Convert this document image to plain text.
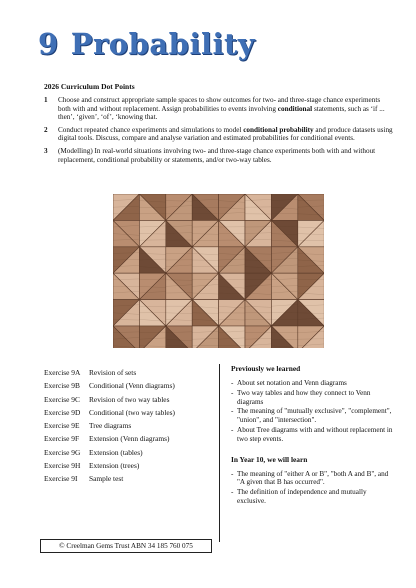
9 Probability
2026 Curriculum Dot Points
1	Choose and construct appropriate sample spaces to show outcomes for two- and three-stage chance experiments both with and without replacement. Assign probabilities to events involving conditional statements, such as ‘if ... then’, ‘given’, ‘of’, ‘knowing that.
2	Conduct repeated chance experiments and simulations to model conditional probability and produce datasets using digital tools. Discuss, compare and analyse variation and estimated probabilities for conditional events.
3	(Modelling) In real-world situations involving two- and three-stage chance experiments both with and without replacement, conditional probability or statements, and/or two-way tables.
Exercise 9A	Revision of sets
Exercise 9B	Conditional (Venn diagrams)
Exercise 9C	Revision of two way tables
Exercise 9D	Conditional (two way tables)
Exercise 9E	Tree diagrams
Exercise 9F	Extension (Venn diagrams)
Exercise 9G	Extension (tables)
Exercise 9H	Extension (trees)
Exercise 9I	Sample test
Previously we learned
- About set notation and Venn diagrams
- Two way tables and how they connect to Venn diagrams
- The meaning of "mutually exclusive", "complement", "union", and "intersection".
- About Tree diagrams with and without replacement in two step events.
In Year 10, we will learn
- The meaning of "either A or B", "both A and B", and "A given that B has occurred".
- The definition of independence and mutually exclusive.
© Creelman Gems Trust ABN 34 185 760 075
